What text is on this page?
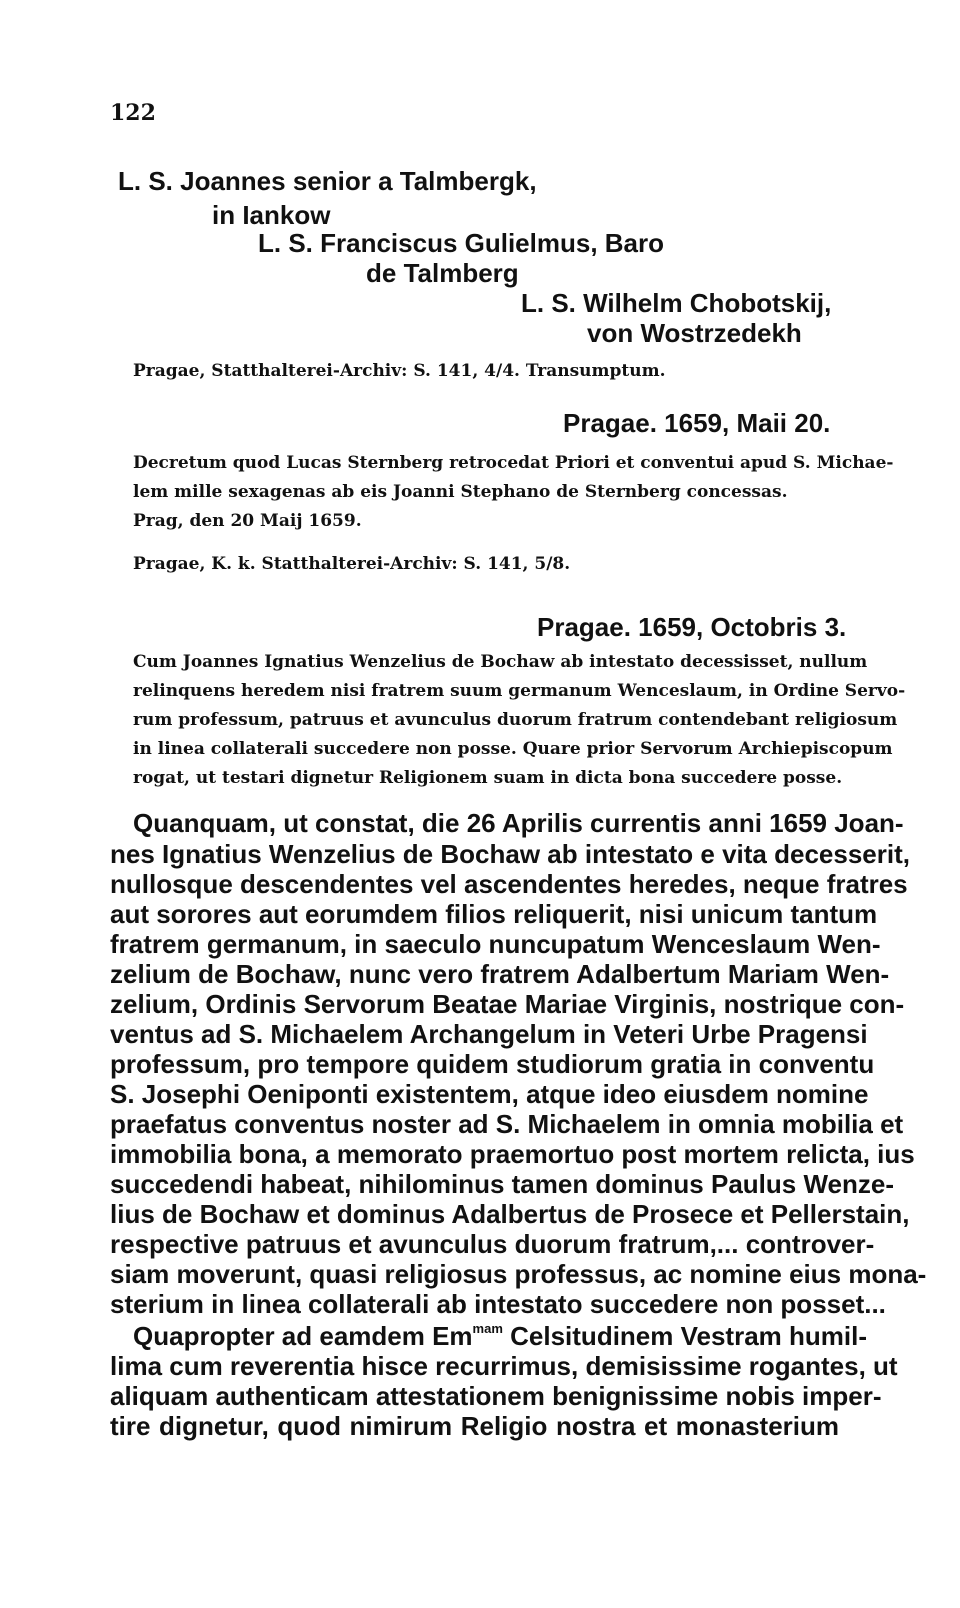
122
L. S. Joannes senior a Talmbergk,
in Iankow
L. S. Franciscus Gulielmus, Baro
de Talmberg
L. S. Wilhelm Chobotskij,
von Wostrzedekh
Pragae, Statthalterei-Archiv: S. 141, 4/4. Transumptum.
Pragae. 1659, Maii 20.
Decretum quod Lucas Sternberg retrocedat Priori et conventui apud S. Michae-
lem mille sexagenas ab eis Joanni Stephano de Sternberg concessas.
Prag, den 20 Maij 1659.
Pragae, K. k. Statthalterei-Archiv: S. 141, 5/8.
Pragae. 1659, Octobris 3.
Cum Joannes Ignatius Wenzelius de Bochaw ab intestato decessisset, nullum
relinquens heredem nisi fratrem suum germanum Wenceslaum, in Ordine Servo-
rum professum, patruus et avunculus duorum fratrum contendebant religiosum
in linea collaterali succedere non posse. Quare prior Servorum Archiepiscopum
rogat, ut testari dignetur Religionem suam in dicta bona succedere posse.
Quanquam, ut constat, die 26 Aprilis currentis anni 1659 Joan-
nes Ignatius Wenzelius de Bochaw ab intestato e vita decesserit,
nullosque descendentes vel ascendentes heredes, neque fratres
aut sorores aut eorumdem filios reliquerit, nisi unicum tantum
fratrem germanum, in saeculo nuncupatum Wenceslaum Wen-
zelium de Bochaw, nunc vero fratrem Adalbertum Mariam Wen-
zelium, Ordinis Servorum Beatae Mariae Virginis, nostrique con-
ventus ad S. Michaelem Archangelum in Veteri Urbe Pragensi
professum, pro tempore quidem studiorum gratia in conventu
S. Josephi Oeniponti existentem, atque ideo eiusdem nomine
praefatus conventus noster ad S. Michaelem in omnia mobilia et
immobilia bona, a memorato praemortuo post mortem relicta, ius
succedendi habeat, nihilominus tamen dominus Paulus Wenze-
lius de Bochaw et dominus Adalbertus de Prosece et Pellerstain,
respective patruus et avunculus duorum fratrum,... controver-
siam moverunt, quasi religiosus professus, ac nomine eius mona-
sterium in linea collaterali ab intestato succedere non posset...
Quapropter ad eamdem $Em^{mam}$ Celsitudinem Vestram humil-
lima cum reverentia hisce recurrimus, demisissime rogantes, ut
aliquam authenticam attestationem benignissime nobis imper-
tire dignetur, quod nimirum Religio nostra et monasterium
